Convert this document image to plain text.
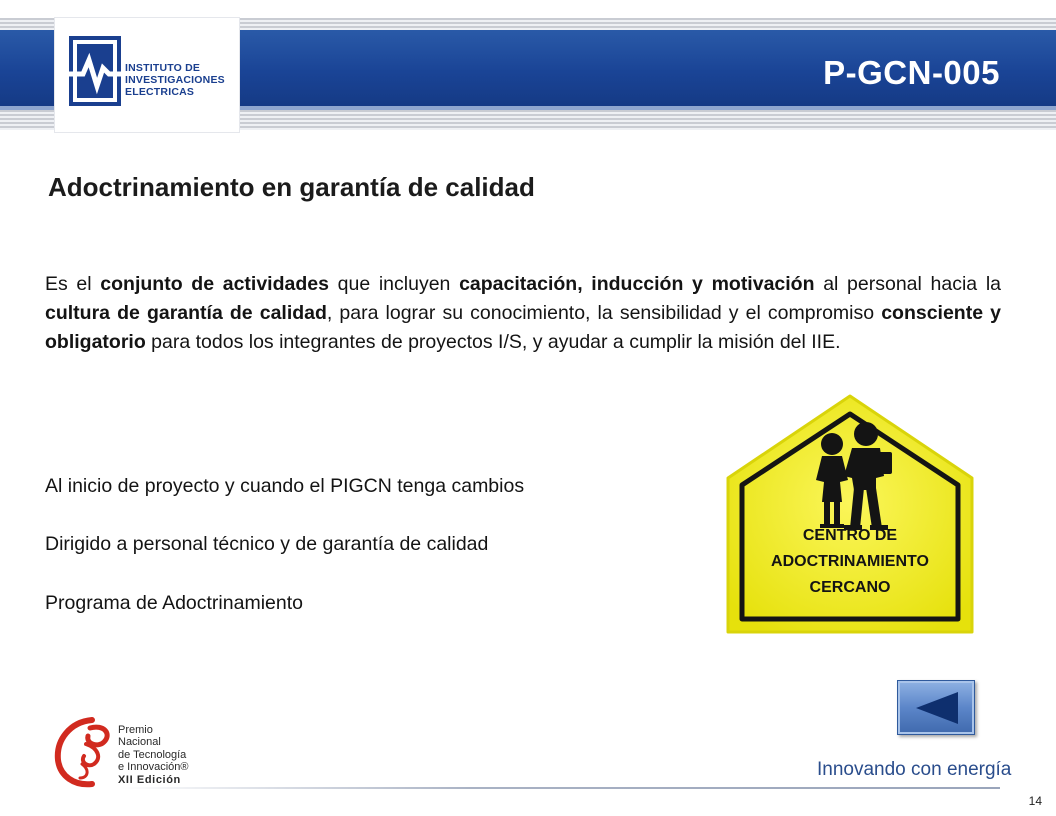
INSTITUTO DE
INVESTIGACIONES
ELECTRICAS
P-GCN-005
Adoctrinamiento en garantía de calidad

Es el conjunto de actividades que incluyen capacitación, inducción y motivación al personal hacia la cultura de garantía de calidad, para lograr su conocimiento, la sensibilidad y el compromiso consciente y obligatorio para todos los integrantes de proyectos I/S, y ayudar a cumplir la misión del IIE.

Al inicio de proyecto y cuando el PIGCN tenga cambios
Dirigido a personal técnico y de garantía de calidad
Programa de Adoctrinamiento
CENTRO DE
ADOCTRINAMIENTO
CERCANO
Premio
Nacional
de Tecnología
e Innovación®
XII Edición	Innovando con energía
14
